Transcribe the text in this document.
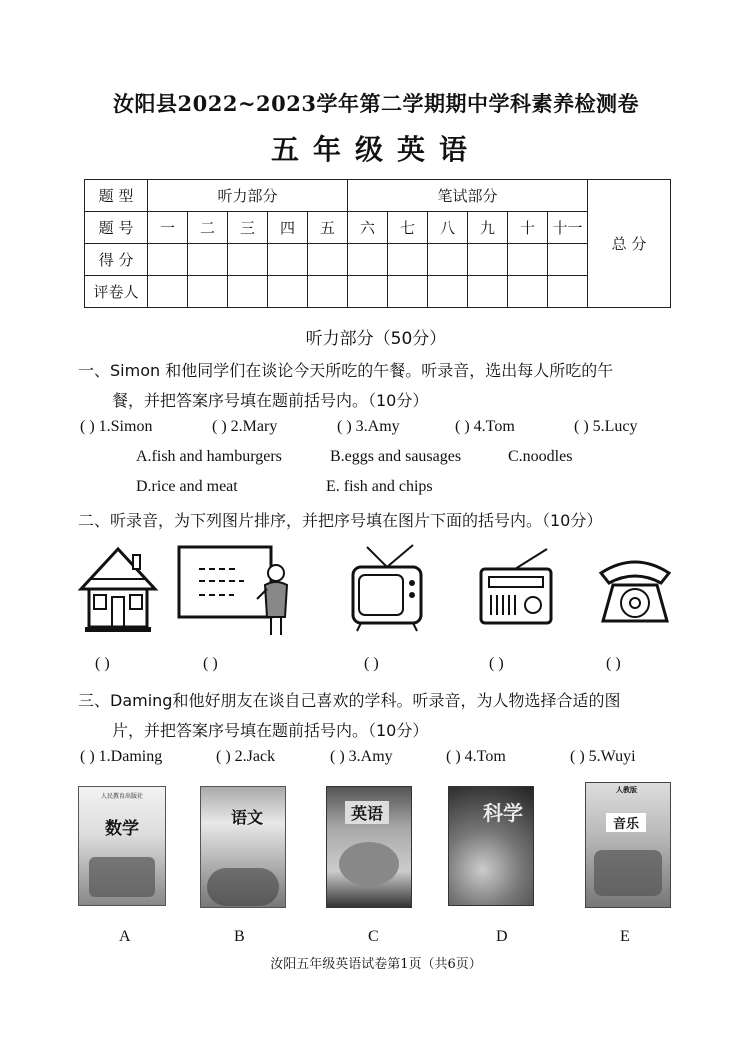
汝阳县2022~2023学年第二学期期中学科素养检测卷
五年级英语
题 型	听力部分					笔试部分						总 分
题 号	一	二	三	四	五	六	七	八	九	十	十一	
得 分												
评卷人												
听力部分（50分）
一、Simon 和他同学们在谈论今天所吃的午餐。听录音，选出每人所吃的午
餐，并把答案序号填在题前括号内。（10分）
( ) 1.Simon	( ) 2.Mary	( ) 3.Amy	( ) 4.Tom	( ) 5.Lucy
A.fish and hamburgers	B.eggs and sausages	C.noodles
D.rice and meat	E. fish and chips
二、听录音，为下列图片排序，并把序号填在图片下面的括号内。（10分）
( )	( )	( )	( )	( )
三、Daming和他好朋友在谈自己喜欢的学科。听录音，为人物选择合适的图
片，并把答案序号填在题前括号内。（10分）
( ) 1.Daming	( ) 2.Jack	( ) 3.Amy	( ) 4.Tom	( ) 5.Wuyi
人民教育出版社
数学
语文	英语	科学
人教版
音乐
A	B	C	D	E
汝阳五年级英语试卷第1页（共6页）
